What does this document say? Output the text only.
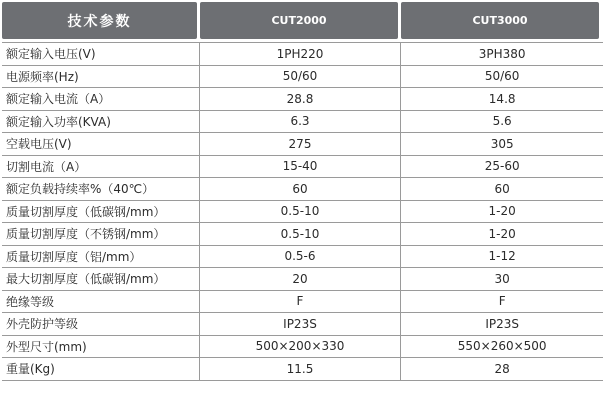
技术参数	CUT2000	CUT3000
额定输入电压(V)	1PH220	3PH380
电源频率(Hz)	50/60	50/60
额定输入电流（A）	28.8	14.8
额定输入功率(KVA)	6.3	5.6
空载电压(V)	275	305
切割电流（A）	15-40	25-60
额定负载持续率%（40℃）	60	60
质量切割厚度（低碳钢/mm）	0.5-10	1-20
质量切割厚度（不锈钢/mm）	0.5-10	1-20
质量切割厚度（铝/mm）	0.5-6	1-12
最大切割厚度（低碳钢/mm）	20	30
绝缘等级	F	F
外壳防护等级	IP23S	IP23S
外型尺寸(mm)	500×200×330	550×260×500
重量(Kg)	11.5	28
